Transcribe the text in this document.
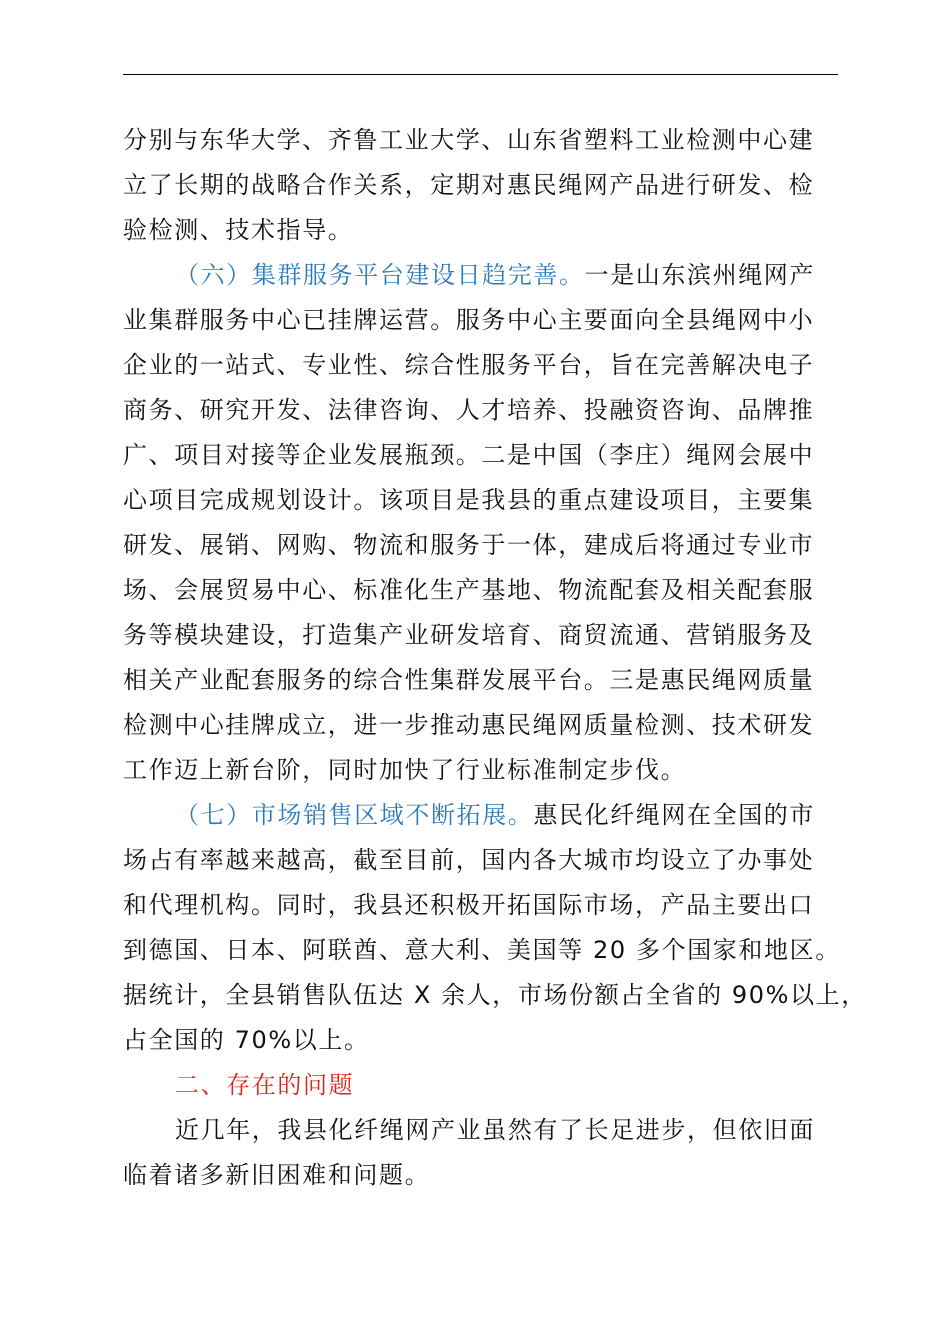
分别与东华大学、齐鲁工业大学、山东省塑料工业检测中心建
立了长期的战略合作关系，定期对惠民绳网产品进行研发、检
验检测、技术指导。
（六）集群服务平台建设日趋完善。一是山东滨州绳网产
业集群服务中心已挂牌运营。服务中心主要面向全县绳网中小
企业的一站式、专业性、综合性服务平台，旨在完善解决电子
商务、研究开发、法律咨询、人才培养、投融资咨询、品牌推
广、项目对接等企业发展瓶颈。二是中国（李庄）绳网会展中
心项目完成规划设计。该项目是我县的重点建设项目，主要集
研发、展销、网购、物流和服务于一体，建成后将通过专业市
场、会展贸易中心、标准化生产基地、物流配套及相关配套服
务等模块建设，打造集产业研发培育、商贸流通、营销服务及
相关产业配套服务的综合性集群发展平台。三是惠民绳网质量
检测中心挂牌成立，进一步推动惠民绳网质量检测、技术研发
工作迈上新台阶，同时加快了行业标准制定步伐。
（七）市场销售区域不断拓展。惠民化纤绳网在全国的市
场占有率越来越高，截至目前，国内各大城市均设立了办事处
和代理机构。同时，我县还积极开拓国际市场，产品主要出口
到德国、日本、阿联酋、意大利、美国等 20 多个国家和地区。
据统计，全县销售队伍达 X 余人，市场份额占全省的 90%以上，
占全国的 70%以上。
二、存在的问题
近几年，我县化纤绳网产业虽然有了长足进步，但依旧面
临着诸多新旧困难和问题。
